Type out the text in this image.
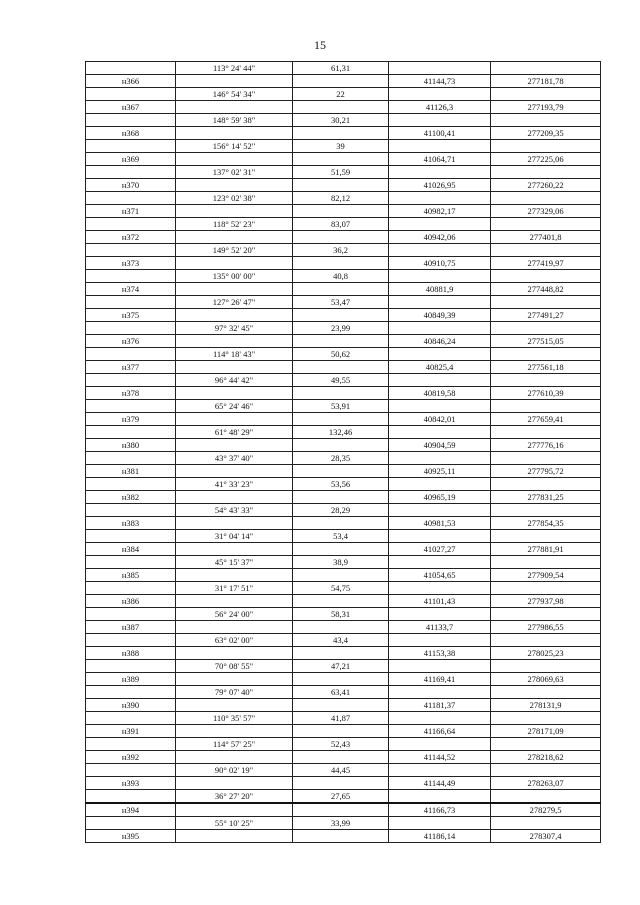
15
	113° 24' 44"	61,31		
н366			41144,73	277181,78
	146° 54' 34"	22		
н367			41126,3	277193,79
	148° 59' 38"	30,21		
н368			41100,41	277209,35
	156° 14' 52"	39		
н369			41064,71	277225,06
	137° 02' 31"	51,59		
н370			41026,95	277260,22
	123° 02' 38"	82,12		
н371			40982,17	277329,06
	118° 52' 23"	83,07		
н372			40942,06	277401,8
	149° 52' 20"	36,2		
н373			40910,75	277419,97
	135° 00' 00"	40,8		
н374			40881,9	277448,82
	127° 26' 47"	53,47		
н375			40849,39	277491,27
	97° 32' 45"	23,99		
н376			40846,24	277515,05
	114° 18' 43"	50,62		
н377			40825,4	277561,18
	96° 44' 42"	49,55		
н378			40819,58	277610,39
	65° 24' 46"	53,91		
н379			40842,01	277659,41
	61° 48' 29"	132,46		
н380			40904,59	277776,16
	43° 37' 40"	28,35		
н381			40925,11	277795,72
	41° 33' 23"	53,56		
н382			40965,19	277831,25
	54° 43' 33"	28,29		
н383			40981,53	277854,35
	31° 04' 14"	53,4		
н384			41027,27	277881,91
	45° 15' 37"	38,9		
н385			41054,65	277909,54
	31° 17' 51"	54,75		
н386			41101,43	277937,98
	56° 24' 00"	58,31		
н387			41133,7	277986,55
	63° 02' 00"	43,4		
н388			41153,38	278025,23
	70° 08' 55"	47,21		
н389			41169,41	278069,63
	79° 07' 40"	63,41		
н390			41181,37	278131,9
	110° 35' 57"	41,87		
н391			41166,64	278171,09
	114° 57' 25"	52,43		
н392			41144,52	278218,62
	90° 02' 19"	44,45		
н393			41144,49	278263,07
	36° 27' 20"	27,65		
н394			41166,73	278279,5
	55° 10' 25"	33,99		
н395			41186,14	278307,4
